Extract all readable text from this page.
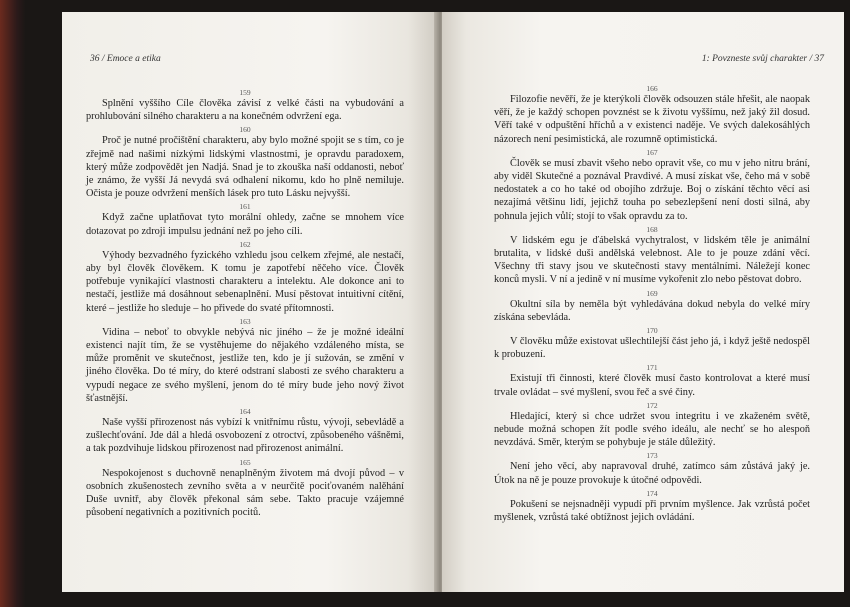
36 / Emoce a etika
159

Splnění vyššího Cíle člověka závisí z velké části na vybudování a prohlubování silného charakteru a na konečném odvržení ega.

160

Proč je nutné pročištění charakteru, aby bylo možné spojit se s tím, co je zřejmě nad našimi nízkými lidskými vlastnostmi, je opravdu paradoxem, který může zodpovědět jen Nadjá. Snad je to zkouška naší oddanosti, neboť je známo, že vyšší Já nevydá svá odhalení nikomu, kdo ho plně nemiluje. Očista je pouze odvržení menších lásek pro tuto Lásku nejvyšší.

161

Když začne uplatňovat tyto morální ohledy, začne se mnohem více dotazovat po zdroji impulsu jednání než po jeho cíli.

162

Výhody bezvadného fyzického vzhledu jsou celkem zřejmé, ale nestačí, aby byl člověk člověkem. K tomu je zapotřebí něčeho více. Člověk potřebuje vynikající vlastnosti charakteru a intelektu. Ale dokonce ani to nestačí, jestliže má dosáhnout sebenaplnění. Musí pěstovat intuitivní cítění, které – jestliže ho sleduje – ho přivede do svaté přítomnosti.

163

Vidina – neboť to obvykle nebývá nic jiného – že je možné ideální existenci najít tím, že se vystěhujeme do nějakého vzdáleného místa, se může proměnit ve skutečnost, jestliže ten, kdo je jí sužován, se změní v jiného člověka. Do té míry, do které odstraní slabosti ze svého charakteru a vypudí negace ze svého myšlení, jenom do té míry bude jeho nový život šťastnější.

164

Naše vyšší přirozenost nás vybízí k vnitřnímu růstu, vývoji, sebevládě a zušlechťování. Jde dál a hledá osvobození z otroctví, způsobeného vášněmi, a tak pozdvihuje lidskou přirozenost nad přirozenost animální.

165

Nespokojenost s duchovně nenaplněným životem má dvojí původ – v osobních zkušenostech zevního světa a v neurčitě pociťovaném nalěhání Duše uvnitř, aby člověk překonal sám sebe. Takto pracuje vzájemné působení negativních a pozitivních pocitů.

1: Povzneste svůj charakter / 37
166

Filozofie nevěří, že je kterýkoli člověk odsouzen stále hřešit, ale naopak věří, že je každý schopen povznést se k životu vyššímu, než jaký žil dosud. Věří také v odpuštění hříchů a v existenci naděje. Ve svých dalekosáhlých názorech není pesimistická, ale rozumně optimistická.

167

Člověk se musí zbavit všeho nebo opravit vše, co mu v jeho nitru brání, aby viděl Skutečné a poznával Pravdivé. A musí získat vše, čeho má v sobě nedostatek a co ho také od obojího zdržuje. Boj o získání těchto věcí asi nezajímá většinu lidí, jejichž touha po sebezlepšení není dosti silná, aby pohnula jejich vůlí; stojí to však opravdu za to.

168

V lidském egu je ďábelská vychytralost, v lidském těle je animální brutalita, v lidské duši andělská velebnost. Ale to je pouze zdání věcí. Všechny tři stavy jsou ve skutečnosti stavy mentálními. Náležejí konec konců mysli. V ní a jedině v ní musíme vykořenit zlo nebo pěstovat dobro.

169

Okultní síla by neměla být vyhledávána dokud nebyla do velké míry získána sebevláda.

170

V člověku může existovat ušlechtilejší část jeho já, i když ještě nedospěl k probuzení.

171

Existují tři činnosti, které člověk musí často kontrolovat a které musí trvale ovládat – své myšlení, svou řeč a své činy.

172

Hledající, který si chce udržet svou integritu i ve zkaženém světě, nebude možná schopen žít podle svého ideálu, ale nechť se ho alespoň nevzdává. Směr, kterým se pohybuje je stále důležitý.

173

Není jeho věcí, aby napravoval druhé, zatímco sám zůstává jaký je. Útok na ně je pouze provokuje k útočné odpovědi.

174

Pokušení se nejsnadněji vypudí při prvním myšlence. Jak vzrůstá počet myšlenek, vzrůstá také obtížnost jejich ovládání.
